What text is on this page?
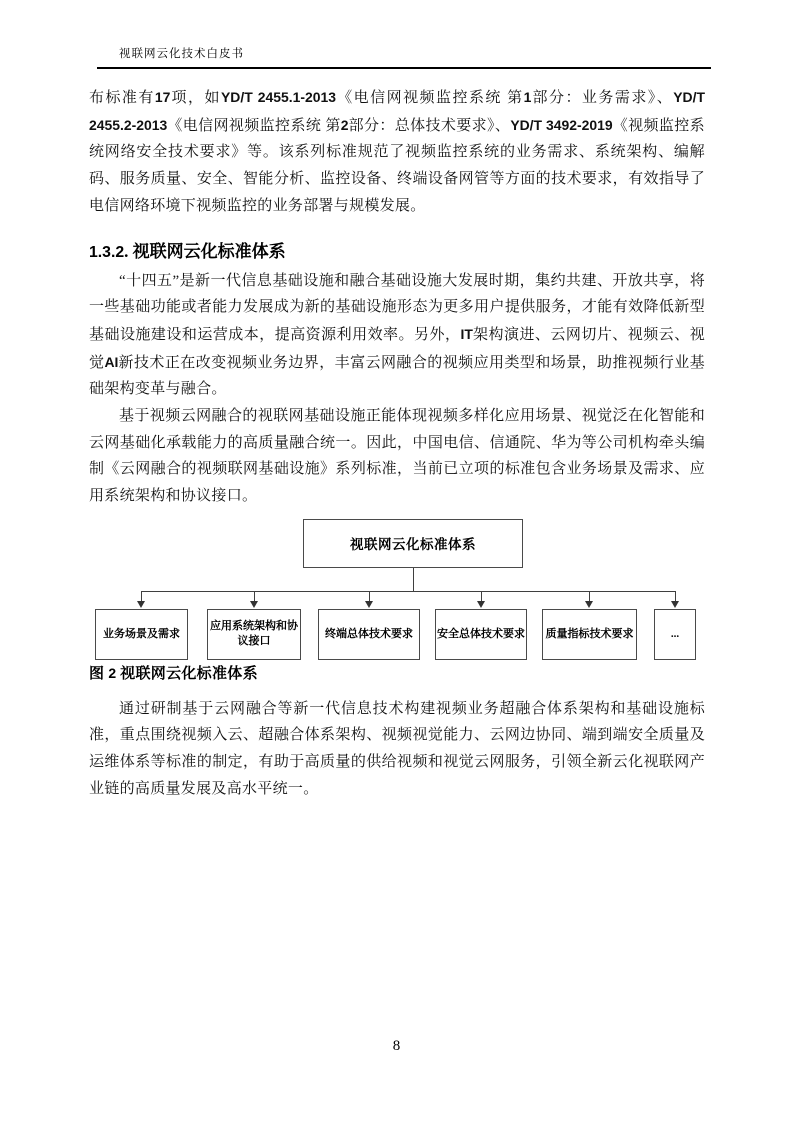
视联网云化技术白皮书

布标准有17项，如YD/T 2455.1-2013《电信网视频监控系统 第1部分：业务需求》、YD/T 2455.2-2013《电信网视频监控系统 第2部分：总体技术要求》、YD/T 3492-2019《视频监控系统网络安全技术要求》等。该系列标准规范了视频监控系统的业务需求、系统架构、编解码、服务质量、安全、智能分析、监控设备、终端设备网管等方面的技术要求，有效指导了电信网络环境下视频监控的业务部署与规模发展。

1.3.2. 视联网云化标准体系

“十四五”是新一代信息基础设施和融合基础设施大发展时期，集约共建、开放共享，将一些基础功能或者能力发展成为新的基础设施形态为更多用户提供服务，才能有效降低新型基础设施建设和运营成本，提高资源利用效率。另外，IT架构演进、云网切片、视频云、视觉AI新技术正在改变视频业务边界，丰富云网融合的视频应用类型和场景，助推视频行业基础架构变革与融合。

基于视频云网融合的视联网基础设施正能体现视频多样化应用场景、视觉泛在化智能和云网基础化承载能力的高质量融合统一。因此，中国电信、信通院、华为等公司机构牵头编制《云网融合的视频联网基础设施》系列标准，当前已立项的标准包含业务场景及需求、应用系统架构和协议接口。

视联网云化标准体系
业务场景及需求
应用系统架构和协议接口
终端总体技术要求	安全总体技术要求	质量指标技术要求	...

图 2 视联网云化标准体系

通过研制基于云网融合等新一代信息技术构建视频业务超融合体系架构和基础设施标准，重点围绕视频入云、超融合体系架构、视频视觉能力、云网边协同、端到端安全质量及运维体系等标准的制定，有助于高质量的供给视频和视觉云网服务，引领全新云化视联网产业链的高质量发展及高水平统一。

8
